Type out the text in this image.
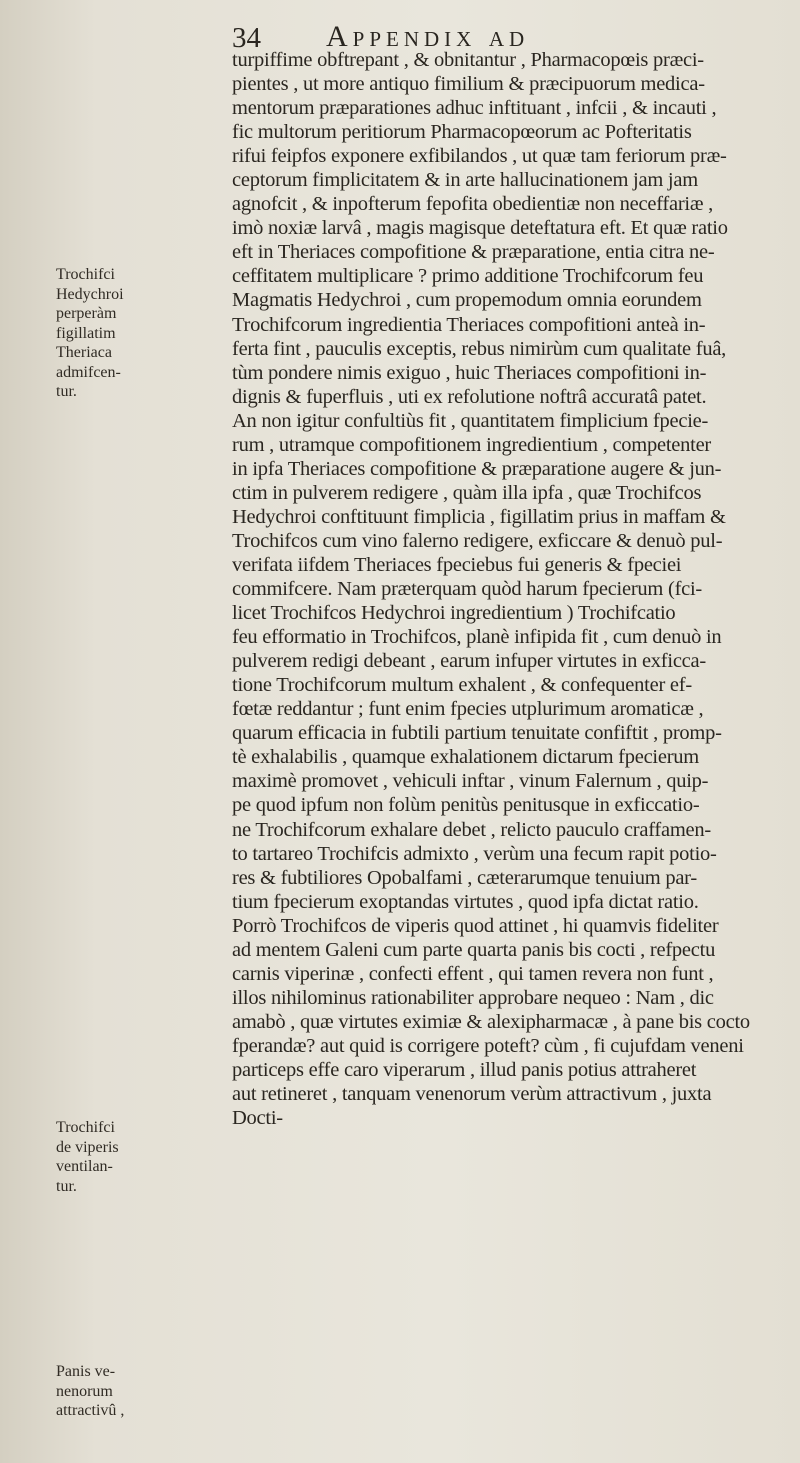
34 Appendix ad

Trochifci
Hedychroi
perperàm
figillatim
Theriaca
admifcen-
tur.

Trochifci
de viperis
ventilan-
tur.

Panis ve-
nenorum
attractivû ,

turpiffime obftrepant , & obnitantur , Pharmacopœis præci-
pientes , ut more antiquo fimilium & præcipuorum medica-
mentorum præparationes adhuc inftituant , infcii , & incauti ,
fic multorum peritiorum Pharmacopœorum ac Pofteritatis
rifui feipfos exponere exfibilandos , ut quæ tam feriorum præ-
ceptorum fimplicitatem & in arte hallucinationem jam jam
agnofcit , & inpofterum fepofita obedientiæ non neceffariæ ,
imò noxiæ larvâ , magis magisque deteftatura eft. Et quæ ratio
eft in Theriaces compofitione & præparatione, entia citra ne-
ceffitatem multiplicare ? primo additione Trochifcorum feu
Magmatis Hedychroi , cum propemodum omnia eorundem
Trochifcorum ingredientia Theriaces compofitioni anteà in-
ferta fint , pauculis exceptis, rebus nimirùm cum qualitate fuâ,
tùm pondere nimis exiguo , huic Theriaces compofitioni in-
dignis & fuperfluis , uti ex refolutione noftrâ accuratâ patet.
An non igitur confultiùs fit , quantitatem fimplicium fpecie-
rum , utramque compofitionem ingredientium , competenter
in ipfa Theriaces compofitione & præparatione augere & jun-
ctim in pulverem redigere , quàm illa ipfa , quæ Trochifcos
Hedychroi conftituunt fimplicia , figillatim prius in maffam &
Trochifcos cum vino falerno redigere, exficcare & denuò pul-
verifata iifdem Theriaces fpeciebus fui generis & fpeciei
commifcere. Nam præterquam quòd harum fpecierum (fci-
licet Trochifcos Hedychroi ingredientium ) Trochifcatio
feu efformatio in Trochifcos, planè infipida fit , cum denuò in
pulverem redigi debeant , earum infuper virtutes in exficca-
tione Trochifcorum multum exhalent , & confequenter ef-
fœtæ reddantur ; funt enim fpecies utplurimum aromaticæ ,
quarum efficacia in fubtili partium tenuitate confiftit , promp-
tè exhalabilis , quamque exhalationem dictarum fpecierum
maximè promovet , vehiculi inftar , vinum Falernum , quip-
pe quod ipfum non folùm penitùs penitusque in exficcatio-
ne Trochifcorum exhalare debet , relicto pauculo craffamen-
to tartareo Trochifcis admixto , verùm una fecum rapit potio-
res & fubtiliores Opobalfami , cæterarumque tenuium par-
tium fpecierum exoptandas virtutes , quod ipfa dictat ratio.
Porrò Trochifcos de viperis quod attinet , hi quamvis fideliter
ad mentem Galeni cum parte quarta panis bis cocti , refpectu
carnis viperinæ , confecti effent , qui tamen revera non funt ,
illos nihilominus rationabiliter approbare nequeo : Nam , dic
amabò , quæ virtutes eximiæ & alexipharmacæ , à pane bis cocto
fperandæ? aut quid is corrigere poteft? cùm , fi cujufdam veneni
particeps effe caro viperarum , illud panis potius attraheret
aut retineret , tanquam venenorum verùm attractivum , juxta
Docti-
